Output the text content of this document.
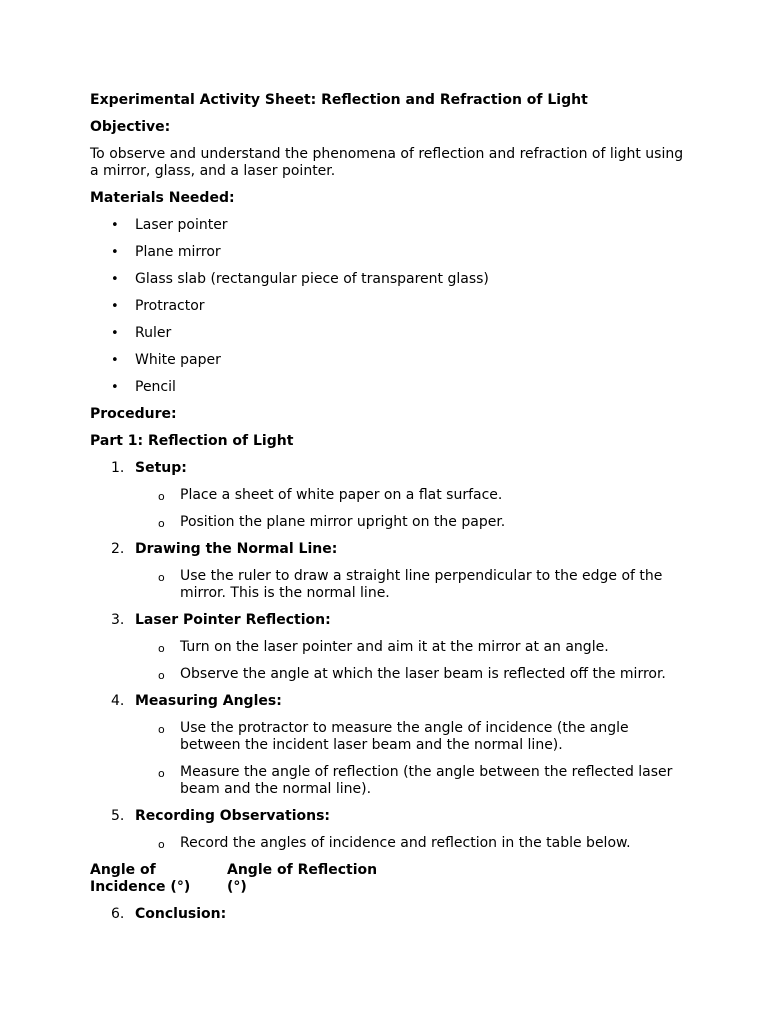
Experimental Activity Sheet: Reflection and Refraction of Light
Objective:
To observe and understand the phenomena of reflection and refraction of light using a mirror, glass, and a laser pointer.
Materials Needed:
• Laser pointer
• Plane mirror
• Glass slab (rectangular piece of transparent glass)
• Protractor
• Ruler
• White paper
• Pencil
Procedure:
Part 1: Reflection of Light
1. Setup:
o Place a sheet of white paper on a flat surface.
o Position the plane mirror upright on the paper.
2. Drawing the Normal Line:
o Use the ruler to draw a straight line perpendicular to the edge of the mirror. This is the normal line.
3. Laser Pointer Reflection:
o Turn on the laser pointer and aim it at the mirror at an angle.
o Observe the angle at which the laser beam is reflected off the mirror.
4. Measuring Angles:
o Use the protractor to measure the angle of incidence (the angle between the incident laser beam and the normal line).
o Measure the angle of reflection (the angle between the reflected laser beam and the normal line).
5. Recording Observations:
o Record the angles of incidence and reflection in the table below.
Angle of Incidence (°)
Angle of Reflection (°)
6. Conclusion:
